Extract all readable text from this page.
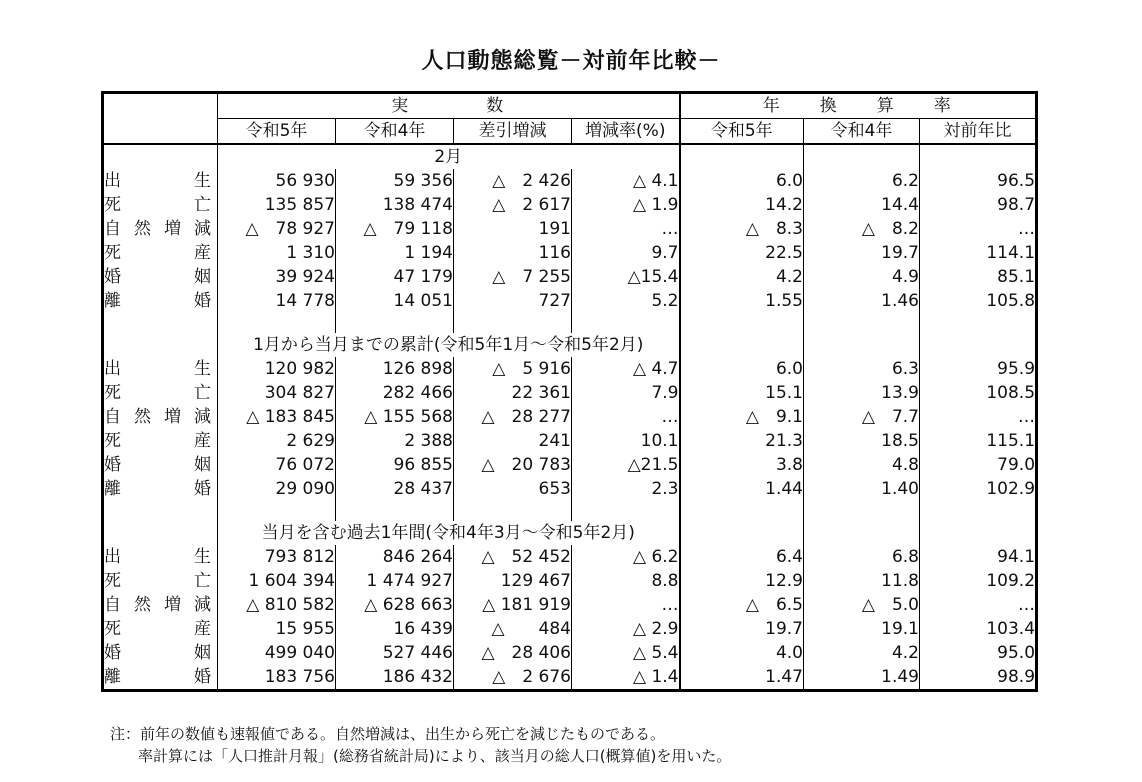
人口動態総覧－対前年比較－
	実　　　　数				年　　換　　算　　率		
	令和5年	令和4年	差引増減	増減率(%)	令和5年	令和4年	対前年比
	2月						

出 生	56 930	59 356	△　2 426	△ 4.1	6.0	6.2	96.5

死 亡	135 857	138 474	△　2 617	△ 1.9	14.2	14.4	98.7

自 然 増 減	△　78 927	△　79 118	191	…	△　8.3	△　8.2	…

死 産	1 310	1 194	116	9.7	22.5	19.7	114.1

婚 姻	39 924	47 179	△　7 255	△15.4	4.2	4.9	85.1

離 婚	14 778	14 051	727	5.2	1.55	1.46	105.8

	1月から当月までの累計(令和5年1月～令和5年2月)						

出 生	120 982	126 898	△　5 916	△ 4.7	6.0	6.3	95.9

死 亡	304 827	282 466	22 361	7.9	15.1	13.9	108.5

自 然 増 減	△ 183 845	△ 155 568	△　28 277	…	△　9.1	△　7.7	…

死 産	2 629	2 388	241	10.1	21.3	18.5	115.1

婚 姻	76 072	96 855	△　20 783	△21.5	3.8	4.8	79.0

離 婚	29 090	28 437	653	2.3	1.44	1.40	102.9

	当月を含む過去1年間(令和4年3月～令和5年2月)						

出 生	793 812	846 264	△　52 452	△ 6.2	6.4	6.8	94.1

死 亡	1 604 394	1 474 927	129 467	8.8	12.9	11.8	109.2

自 然 増 減	△ 810 582	△ 628 663	△ 181 919	…	△　6.5	△　5.0	…

死 産	15 955	16 439	△　　484	△ 2.9	19.7	19.1	103.4

婚 姻	499 040	527 446	△　28 406	△ 5.4	4.0	4.2	95.0

離 婚	183 756	186 432	△　2 676	△ 1.4	1.47	1.49	98.9
注：前年の数値も速報値である。自然増減は、出生から死亡を減じたものである。
率計算には「人口推計月報」(総務省統計局)により、該当月の総人口(概算値)を用いた。
